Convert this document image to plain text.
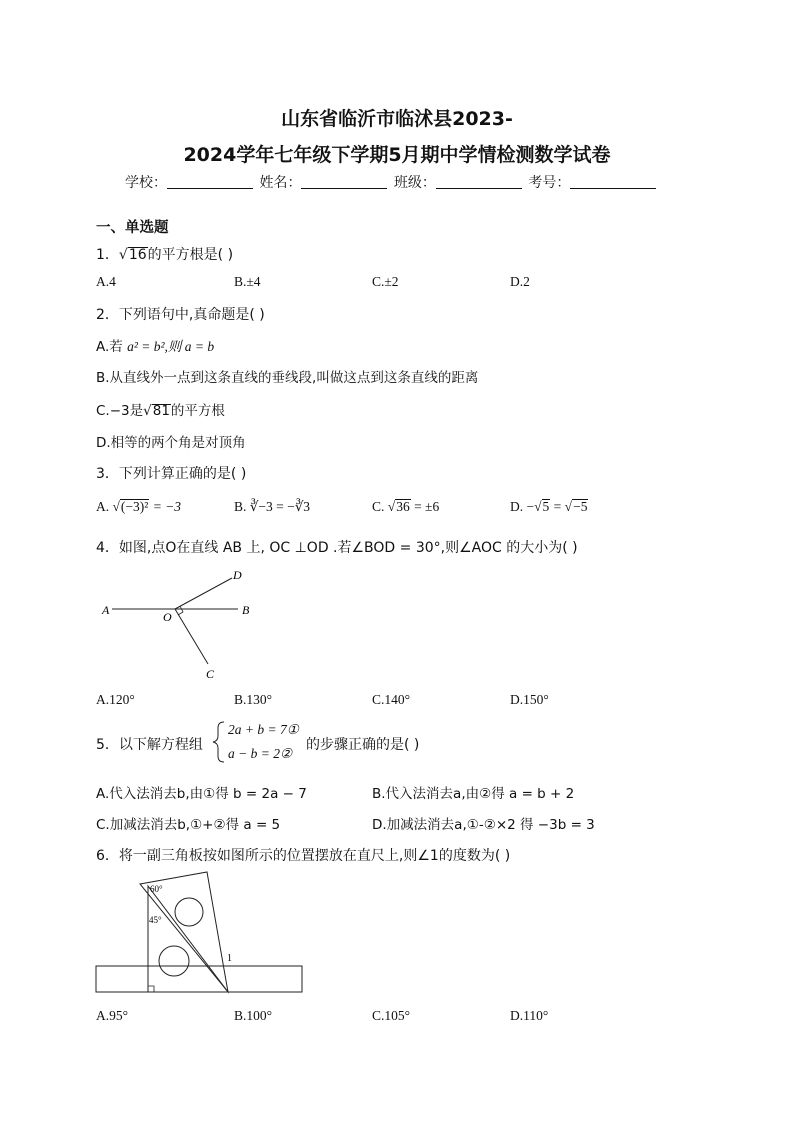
山东省临沂市临沭县2023-
2024学年七年级下学期5月期中学情检测数学试卷
学校：	姓名：	班级：	考号：
一、单选题
1．√16的平方根是( )
A.4	B.±4	C.±2	D.2
2．下列语句中,真命题是( )
A.若 a² = b²,则 a = b
B.从直线外一点到这条直线的垂线段,叫做这点到这条直线的距离
C.−3是√81的平方根
D.相等的两个角是对顶角
3．下列计算正确的是( )
A. √(−3)² = −3	B. ∛−3 = −∛3	C. √36 = ±6	D. −√5 = √−5
4．如图,点O在直线 AB 上, OC ⊥OD .若∠BOD = 30°,则∠AOC 的大小为( )
A	B
D
C
O
A.120°	B.130°	C.140°	D.150°
5．以下解方程组
2a + b = 7①
a − b = 2②
的步骤正确的是( )
A.代入法消去b,由①得 b = 2a − 7	B.代入法消去a,由②得 a = b + 2
C.加减法消去b,①+②得 a = 5	D.加减法消去a,①-②×2 得 −3b = 3
6．将一副三角板按如图所示的位置摆放在直尺上,则∠1的度数为( )
60°
45°
1
A.95°	B.100°	C.105°	D.110°
